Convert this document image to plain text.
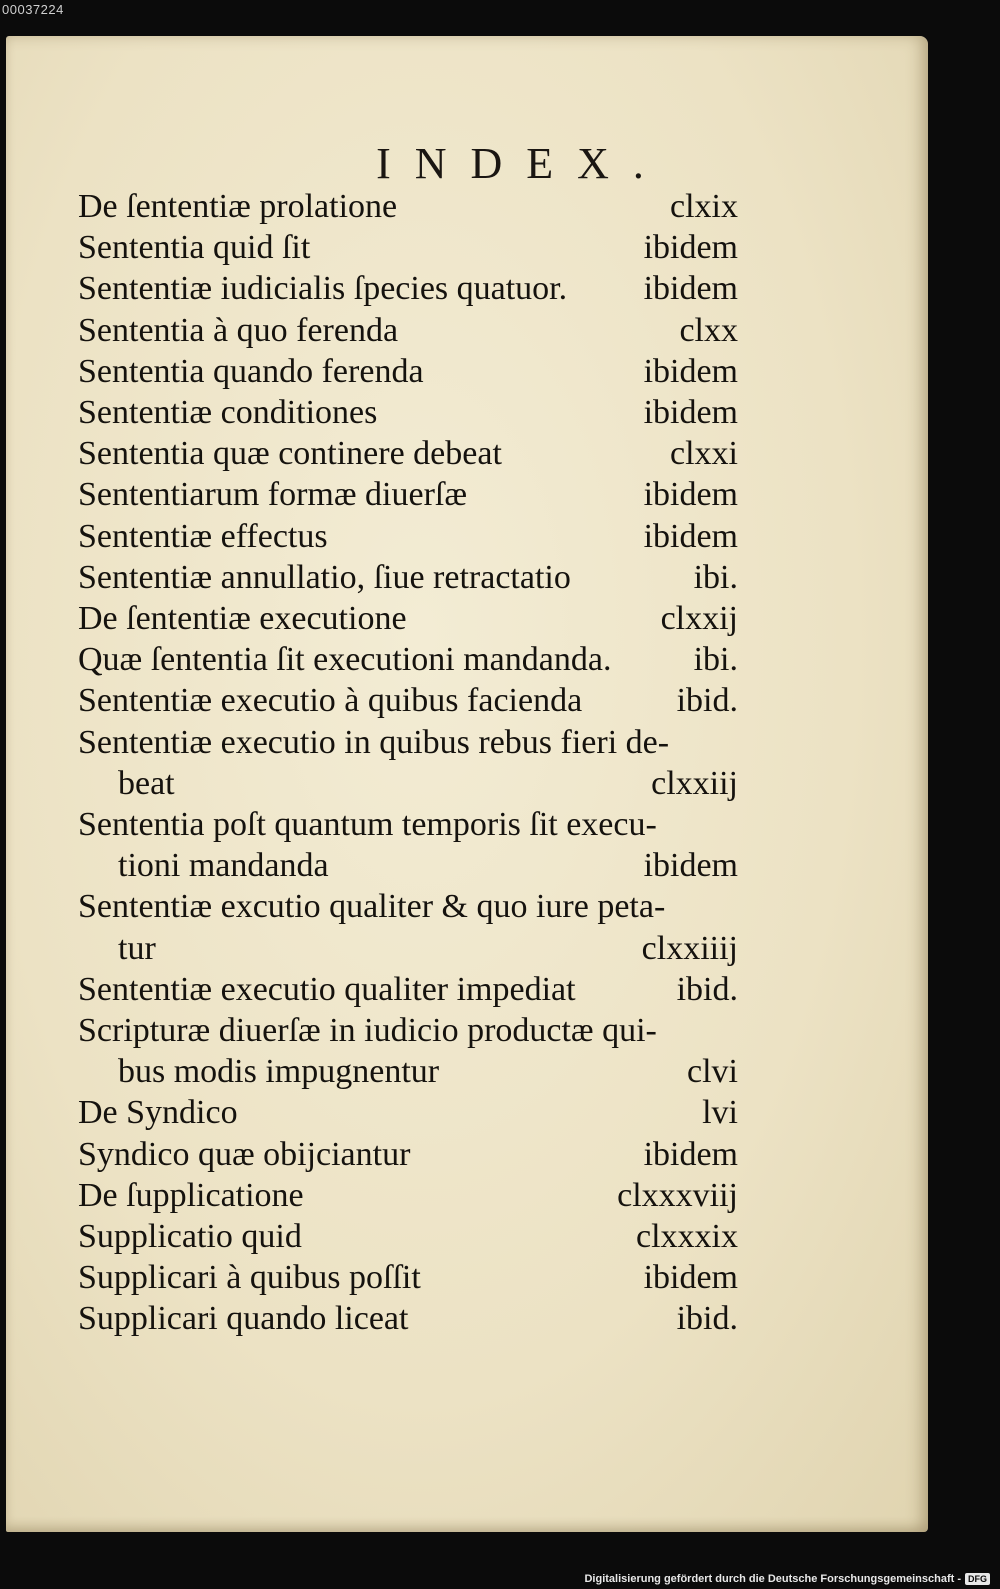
00037224
INDEX.
De ſententiæ prolatione	clxix
Sententia quid ſit	ibidem
Sententiæ iudicialis ſpecies quatuor. ibidem
Sententia à quo ferenda	clxx
Sententia quando ferenda	ibidem
Sententiæ conditiones	ibidem
Sententia quæ continere debeat	clxxi
Sententiarum formæ diuerſæ	ibidem
Sententiæ effectus	ibidem
Sententiæ annullatio, ſiue retractatio	ibi.
De ſententiæ executione	clxxij
Quæ ſententia ſit executioni mandanda. ibi.
Sententiæ executio à quibus facienda	ibid.
Sententiæ executio in quibus rebus fieri de-
beat	clxxiij
Sententia poſt quantum temporis ſit execu-
tioni mandanda	ibidem
Sententiæ excutio qualiter & quo iure peta-
tur	clxxiiij
Sententiæ executio qualiter impediat	ibid.
Scripturæ diuerſæ in iudicio productæ qui-
bus modis impugnentur	clvi
De Syndico	lvi
Syndico quæ obijciantur	ibidem
De ſupplicatione	clxxxviij
Supplicatio quid	clxxxix
Supplicari à quibus poſſit	ibidem
Supplicari quando liceat	ibid.
Digitalisierung gefördert durch die Deutsche Forschungsgemeinschaft - DFG
